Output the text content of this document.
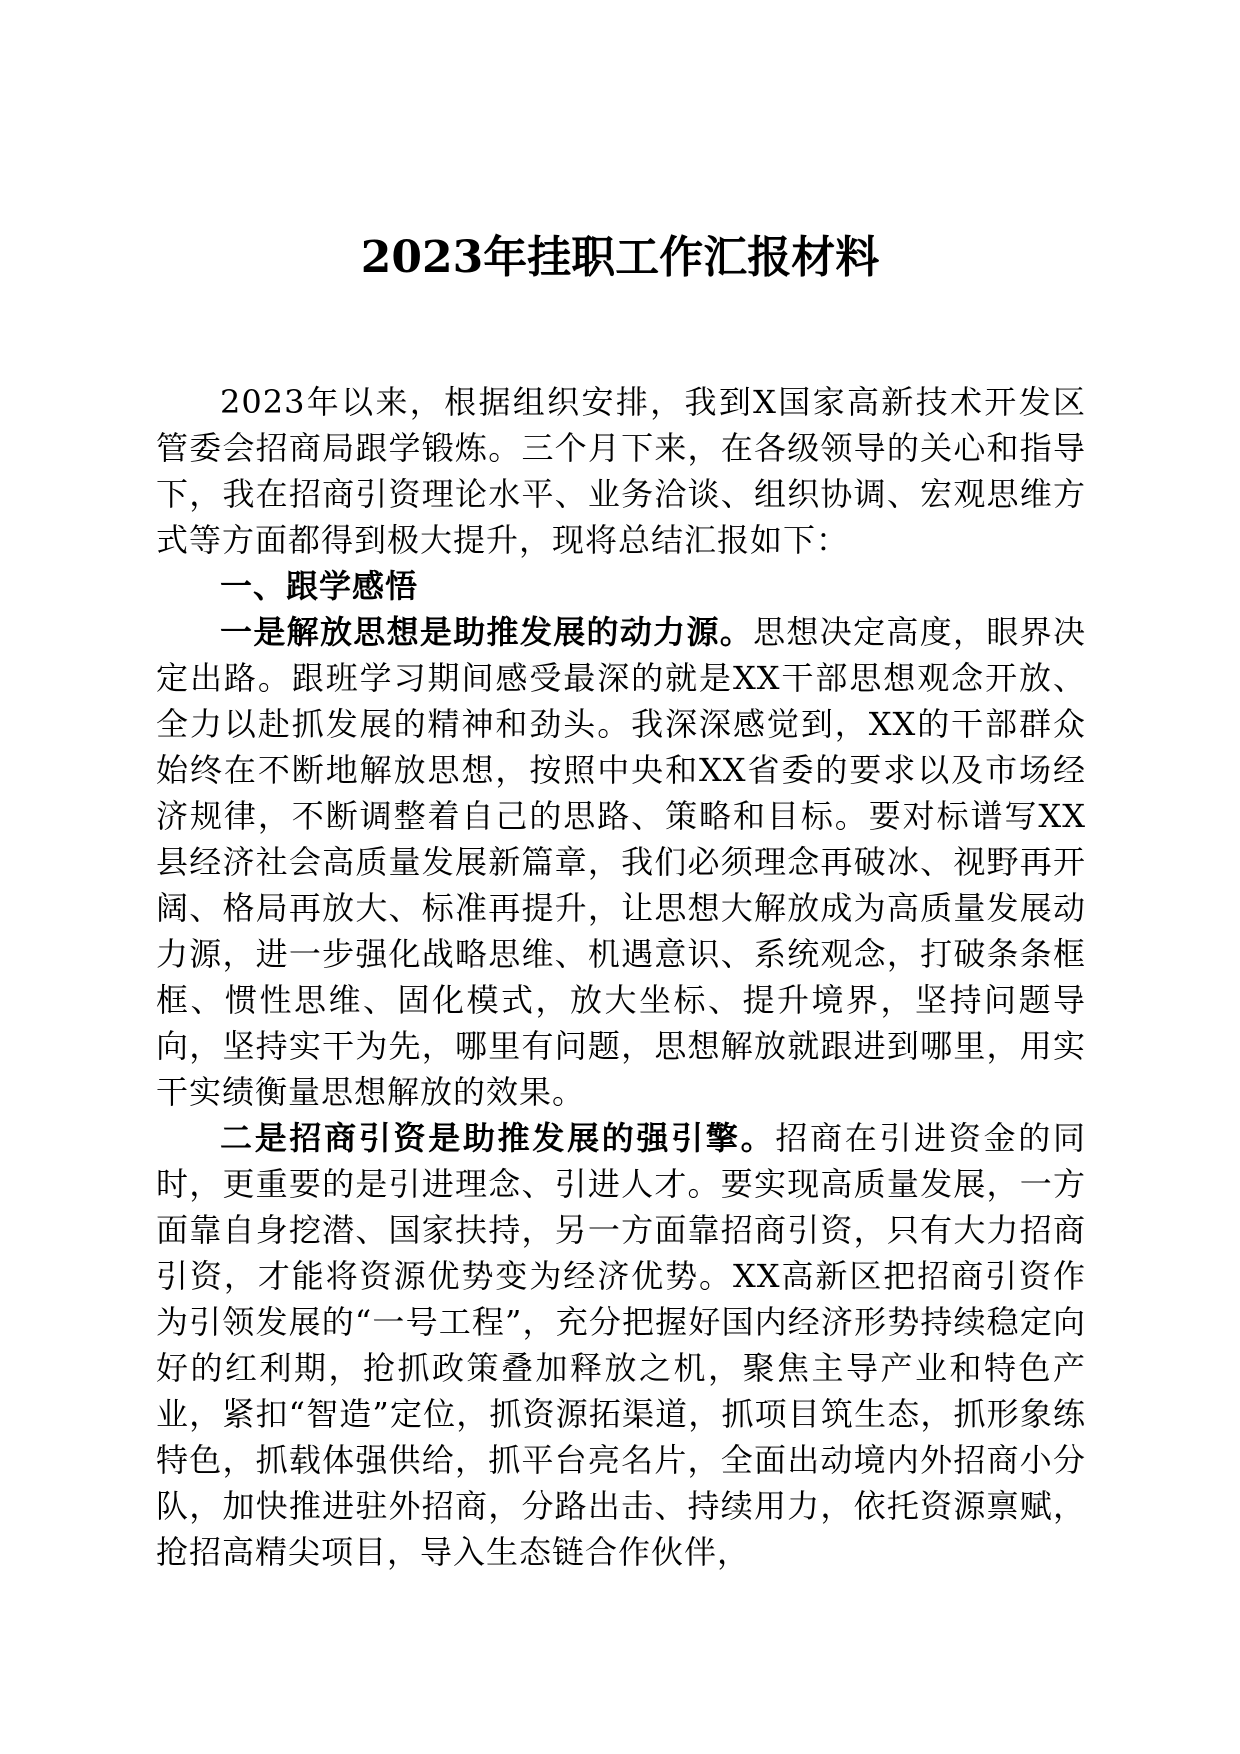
2023年挂职工作汇报材料

2023年以来，根据组织安排，我到X国家高新技术开发区管委会招商局跟学锻炼。三个月下来，在各级领导的关心和指导下，我在招商引资理论水平、业务洽谈、组织协调、宏观思维方式等方面都得到极大提升，现将总结汇报如下：

一、跟学感悟

一是解放思想是助推发展的动力源。思想决定高度，眼界决定出路。跟班学习期间感受最深的就是XX干部思想观念开放、全力以赴抓发展的精神和劲头。我深深感觉到，XX的干部群众始终在不断地解放思想，按照中央和XX省委的要求以及市场经济规律，不断调整着自己的思路、策略和目标。要对标谱写XX县经济社会高质量发展新篇章，我们必须理念再破冰、视野再开阔、格局再放大、标准再提升，让思想大解放成为高质量发展动力源，进一步强化战略思维、机遇意识、系统观念，打破条条框框、惯性思维、固化模式，放大坐标、提升境界，坚持问题导向，坚持实干为先，哪里有问题，思想解放就跟进到哪里，用实干实绩衡量思想解放的效果。

二是招商引资是助推发展的强引擎。招商在引进资金的同时，更重要的是引进理念、引进人才。要实现高质量发展，一方面靠自身挖潜、国家扶持，另一方面靠招商引资，只有大力招商引资，才能将资源优势变为经济优势。XX高新区把招商引资作为引领发展的“一号工程”，充分把握好国内经济形势持续稳定向好的红利期，抢抓政策叠加释放之机，聚焦主导产业和特色产业，紧扣“智造”定位，抓资源拓渠道，抓项目筑生态，抓形象练特色，抓载体强供给，抓平台亮名片，全面出动境内外招商小分队，加快推进驻外招商，分路出击、持续用力，依托资源禀赋，抢招高精尖项目，导入生态链合作伙伴，
